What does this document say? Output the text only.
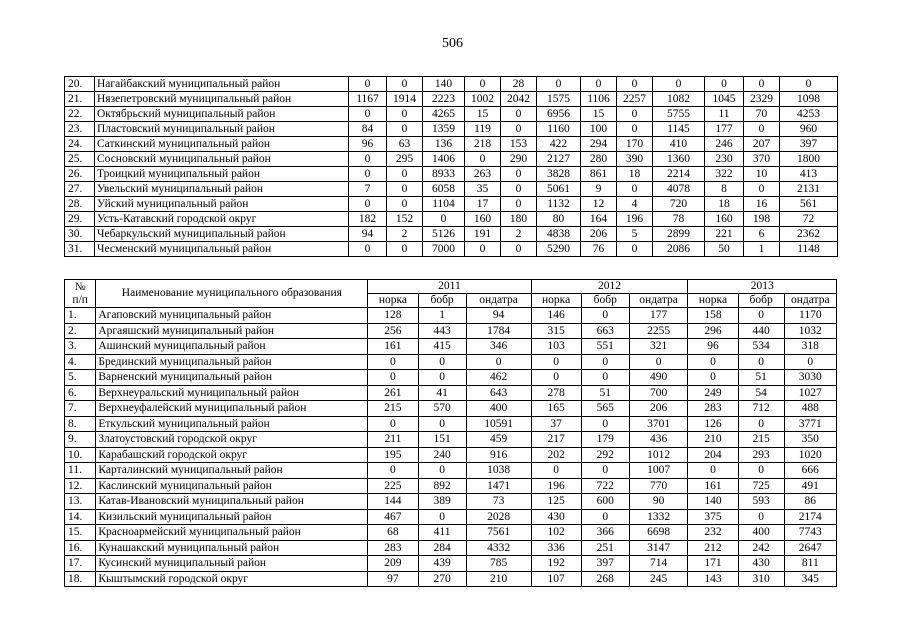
506
20.	Нагайбакский муниципальный район	0	0	140	0	28	0	0	0	0	0	0	0
21.	Нязепетровский муниципальный район	1167	1914	2223	1002	2042	1575	1106	2257	1082	1045	2329	1098
22.	Октябрьский муниципальный район	0	0	4265	15	0	6956	15	0	5755	11	70	4253
23.	Пластовский муниципальный район	84	0	1359	119	0	1160	100	0	1145	177	0	960
24.	Саткинский муниципальный район	96	63	136	218	153	422	294	170	410	246	207	397
25.	Сосновский муниципальный район	0	295	1406	0	290	2127	280	390	1360	230	370	1800
26.	Троицкий муниципальный район	0	0	8933	263	0	3828	861	18	2214	322	10	413
27.	Увельский муниципальный район	7	0	6058	35	0	5061	9	0	4078	8	0	2131
28.	Уйский муниципальный район	0	0	1104	17	0	1132	12	4	720	18	16	561
29.	Усть-Катавский городской округ	182	152	0	160	180	80	164	196	78	160	198	72
30.	Чебаркульский муниципальный район	94	2	5126	191	2	4838	206	5	2899	221	6	2362
31.	Чесменский муниципальный район	0	0	7000	0	0	5290	76	0	2086	50	1	1148
№
п/п	Наименование муниципального образования	2011			2012			2013		
		норка	бобр	ондатра	норка	бобр	ондатра	норка	бобр	ондатра
1.	Агаповский муниципальный район	128	1	94	146	0	177	158	0	1170
2.	Аргаяшский муниципальный район	256	443	1784	315	663	2255	296	440	1032
3.	Ашинский муниципальный район	161	415	346	103	551	321	96	534	318
4.	Брединский муниципальный район	0	0	0	0	0	0	0	0	0
5.	Варненский муниципальный район	0	0	462	0	0	490	0	51	3030
6.	Верхнеуральский муниципальный район	261	41	643	278	51	700	249	54	1027
7.	Верхнеуфалейский муниципальный район	215	570	400	165	565	206	283	712	488
8.	Еткульский муниципальный район	0	0	10591	37	0	3701	126	0	3771
9.	Златоустовский городской округ	211	151	459	217	179	436	210	215	350
10.	Карабашский городской округ	195	240	916	202	292	1012	204	293	1020
11.	Карталинский муниципальный район	0	0	1038	0	0	1007	0	0	666
12.	Каслинский муниципальный район	225	892	1471	196	722	770	161	725	491
13.	Катав-Ивановский муниципальный район	144	389	73	125	600	90	140	593	86
14.	Кизильский муниципальный район	467	0	2028	430	0	1332	375	0	2174
15.	Красноармейский муниципальный район	68	411	7561	102	366	6698	232	400	7743
16.	Кунашакский муниципальный район	283	284	4332	336	251	3147	212	242	2647
17.	Кусинский муниципальный район	209	439	785	192	397	714	171	430	811
18.	Кыштымский городской округ	97	270	210	107	268	245	143	310	345
